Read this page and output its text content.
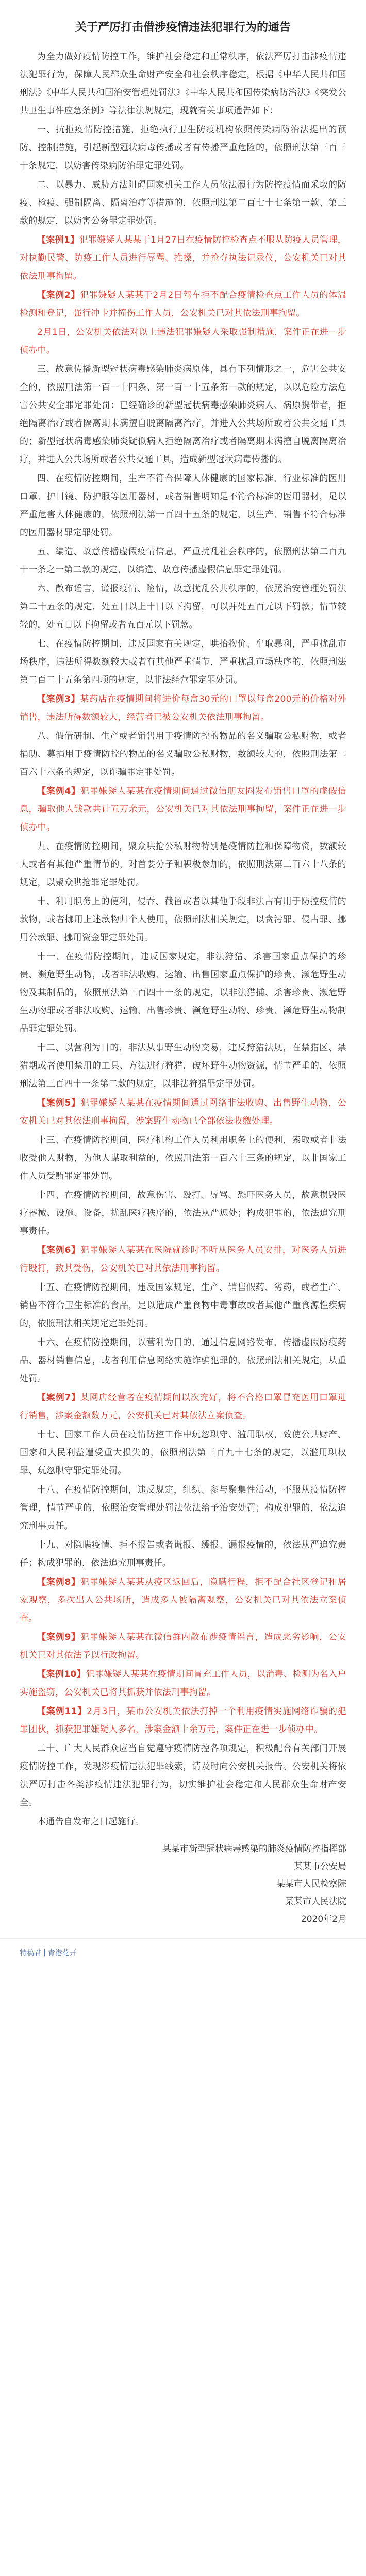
关于严厉打击借涉疫情违法犯罪行为的通告
为全力做好疫情防控工作，维护社会稳定和正常秩序，依法严厉打击涉疫情违法犯罪行为，保障人民群众生命财产安全和社会秩序稳定，根据《中华人民共和国刑法》《中华人民共和国治安管理处罚法》《中华人民共和国传染病防治法》《突发公共卫生事件应急条例》等法律法规规定，现就有关事项通告如下：
一、抗拒疫情防控措施，拒绝执行卫生防疫机构依照传染病防治法提出的预防、控制措施，引起新型冠状病毒传播或者有传播严重危险的，依照刑法第三百三十条规定，以妨害传染病防治罪定罪处罚。
二、以暴力、威胁方法阻碍国家机关工作人员依法履行为防控疫情而采取的防疫、检疫、强制隔离、隔离治疗等措施的，依照刑法第二百七十七条第一款、第三款的规定，以妨害公务罪定罪处罚。
【案例1】犯罪嫌疑人某某于1月27日在疫情防控检查点不服从防疫人员管理，对执勤民警、防疫工作人员进行辱骂、推搡，并抢夺执法记录仪，公安机关已对其依法刑事拘留。
【案例2】犯罪嫌疑人某某于2月2日驾车拒不配合疫情检查点工作人员的体温检测和登记，强行冲卡并撞伤工作人员，公安机关已对其依法刑事拘留。
2月1日，公安机关依法对以上违法犯罪嫌疑人采取强制措施，案件正在进一步侦办中。
三、故意传播新型冠状病毒感染肺炎病原体，具有下列情形之一，危害公共安全的，依照刑法第一百一十四条、第一百一十五条第一款的规定，以以危险方法危害公共安全罪定罪处罚：已经确诊的新型冠状病毒感染肺炎病人、病原携带者，拒绝隔离治疗或者隔离期未满擅自脱离隔离治疗，并进入公共场所或者公共交通工具的；新型冠状病毒感染肺炎疑似病人拒绝隔离治疗或者隔离期未满擅自脱离隔离治疗，并进入公共场所或者公共交通工具，造成新型冠状病毒传播的。
四、在疫情防控期间，生产不符合保障人体健康的国家标准、行业标准的医用口罩、护目镜、防护服等医用器材，或者销售明知是不符合标准的医用器材，足以严重危害人体健康的，依照刑法第一百四十五条的规定，以生产、销售不符合标准的医用器材罪定罪处罚。
五、编造、故意传播虚假疫情信息，严重扰乱社会秩序的，依照刑法第二百九十一条之一第二款的规定，以编造、故意传播虚假信息罪定罪处罚。
六、散布谣言，谎报疫情、险情，故意扰乱公共秩序的，依照治安管理处罚法第二十五条的规定，处五日以上十日以下拘留，可以并处五百元以下罚款；情节较轻的，处五日以下拘留或者五百元以下罚款。
七、在疫情防控期间，违反国家有关规定，哄抬物价、牟取暴利，严重扰乱市场秩序，违法所得数额较大或者有其他严重情节，严重扰乱市场秩序的，依照刑法第二百二十五条第四项的规定，以非法经营罪定罪处罚。
【案例3】某药店在疫情期间将进价每盒30元的口罩以每盒200元的价格对外销售，违法所得数额较大，经营者已被公安机关依法刑事拘留。
八、假借研制、生产或者销售用于疫情防控的物品的名义骗取公私财物，或者捐助、募捐用于疫情防控的物品的名义骗取公私财物，数额较大的，依照刑法第二百六十六条的规定，以诈骗罪定罪处罚。
【案例4】犯罪嫌疑人某某在疫情期间通过微信朋友圈发布销售口罩的虚假信息，骗取他人钱款共计五万余元，公安机关已对其依法刑事拘留，案件正在进一步侦办中。
九、在疫情防控期间，聚众哄抢公私财物特别是疫情防控和保障物资，数额较大或者有其他严重情节的，对首要分子和积极参加的，依照刑法第二百六十八条的规定，以聚众哄抢罪定罪处罚。
十、利用职务上的便利，侵吞、截留或者以其他手段非法占有用于防控疫情的款物，或者挪用上述款物归个人使用，依照刑法相关规定，以贪污罪、侵占罪、挪用公款罪、挪用资金罪定罪处罚。
十一、在疫情防控期间，违反国家规定，非法狩猎、杀害国家重点保护的珍贵、濒危野生动物，或者非法收购、运输、出售国家重点保护的珍贵、濒危野生动物及其制品的，依照刑法第三百四十一条的规定，以非法猎捕、杀害珍贵、濒危野生动物罪或者非法收购、运输、出售珍贵、濒危野生动物、珍贵、濒危野生动物制品罪定罪处罚。
十二、以营利为目的，非法从事野生动物交易，违反狩猎法规，在禁猎区、禁猎期或者使用禁用的工具、方法进行狩猎，破坏野生动物资源，情节严重的，依照刑法第三百四十一条第二款的规定，以非法狩猎罪定罪处罚。
【案例5】犯罪嫌疑人某某在疫情期间通过网络非法收购、出售野生动物，公安机关已对其依法刑事拘留，涉案野生动物已全部依法收缴处理。
十三、在疫情防控期间，医疗机构工作人员利用职务上的便利，索取或者非法收受他人财物，为他人谋取利益的，依照刑法第一百六十三条的规定，以非国家工作人员受贿罪定罪处罚。
十四、在疫情防控期间，故意伤害、殴打、辱骂、恐吓医务人员，故意损毁医疗器械、设施、设备，扰乱医疗秩序的，依法从严惩处；构成犯罪的，依法追究刑事责任。
【案例6】犯罪嫌疑人某某在医院就诊时不听从医务人员安排，对医务人员进行殴打，致其受伤，公安机关已对其依法刑事拘留。
十五、在疫情防控期间，违反国家规定，生产、销售假药、劣药，或者生产、销售不符合卫生标准的食品，足以造成严重食物中毒事故或者其他严重食源性疾病的，依照刑法相关规定定罪处罚。
十六、在疫情防控期间，以营利为目的，通过信息网络发布、传播虚假防疫药品、器材销售信息，或者利用信息网络实施诈骗犯罪的，依照刑法相关规定，从重处罚。
【案例7】某网店经营者在疫情期间以次充好，将不合格口罩冒充医用口罩进行销售，涉案金额数万元，公安机关已对其依法立案侦查。
十七、国家工作人员在疫情防控工作中玩忽职守、滥用职权，致使公共财产、国家和人民利益遭受重大损失的，依照刑法第三百九十七条的规定，以滥用职权罪、玩忽职守罪定罪处罚。
十八、在疫情防控期间，违反规定，组织、参与聚集性活动，不服从疫情防控管理，情节严重的，依照治安管理处罚法依法给予治安处罚；构成犯罪的，依法追究刑事责任。
十九、对隐瞒疫情、拒不报告或者谎报、缓报、漏报疫情的，依法从严追究责任；构成犯罪的，依法追究刑事责任。
【案例8】犯罪嫌疑人某某从疫区返回后，隐瞒行程，拒不配合社区登记和居家观察，多次出入公共场所，造成多人被隔离观察，公安机关已对其依法立案侦查。
【案例9】犯罪嫌疑人某某在微信群内散布涉疫情谣言，造成恶劣影响，公安机关已对其依法予以行政拘留。
【案例10】犯罪嫌疑人某某在疫情期间冒充工作人员，以消毒、检测为名入户实施盗窃，公安机关已将其抓获并依法刑事拘留。
【案例11】2月3日，某市公安机关依法打掉一个利用疫情实施网络诈骗的犯罪团伙，抓获犯罪嫌疑人多名，涉案金额十余万元，案件正在进一步侦办中。
二十、广大人民群众应当自觉遵守疫情防控各项规定，积极配合有关部门开展疫情防控工作，发现涉疫情违法犯罪线索，请及时向公安机关报告。公安机关将依法严厉打击各类涉疫情违法犯罪行为，切实维护社会稳定和人民群众生命财产安全。
本通告自发布之日起施行。
某某市新型冠状病毒感染的肺炎疫情防控指挥部
某某市公安局
某某市人民检察院
某某市人民法院
2020年2月
特稿君 | 青港花开
